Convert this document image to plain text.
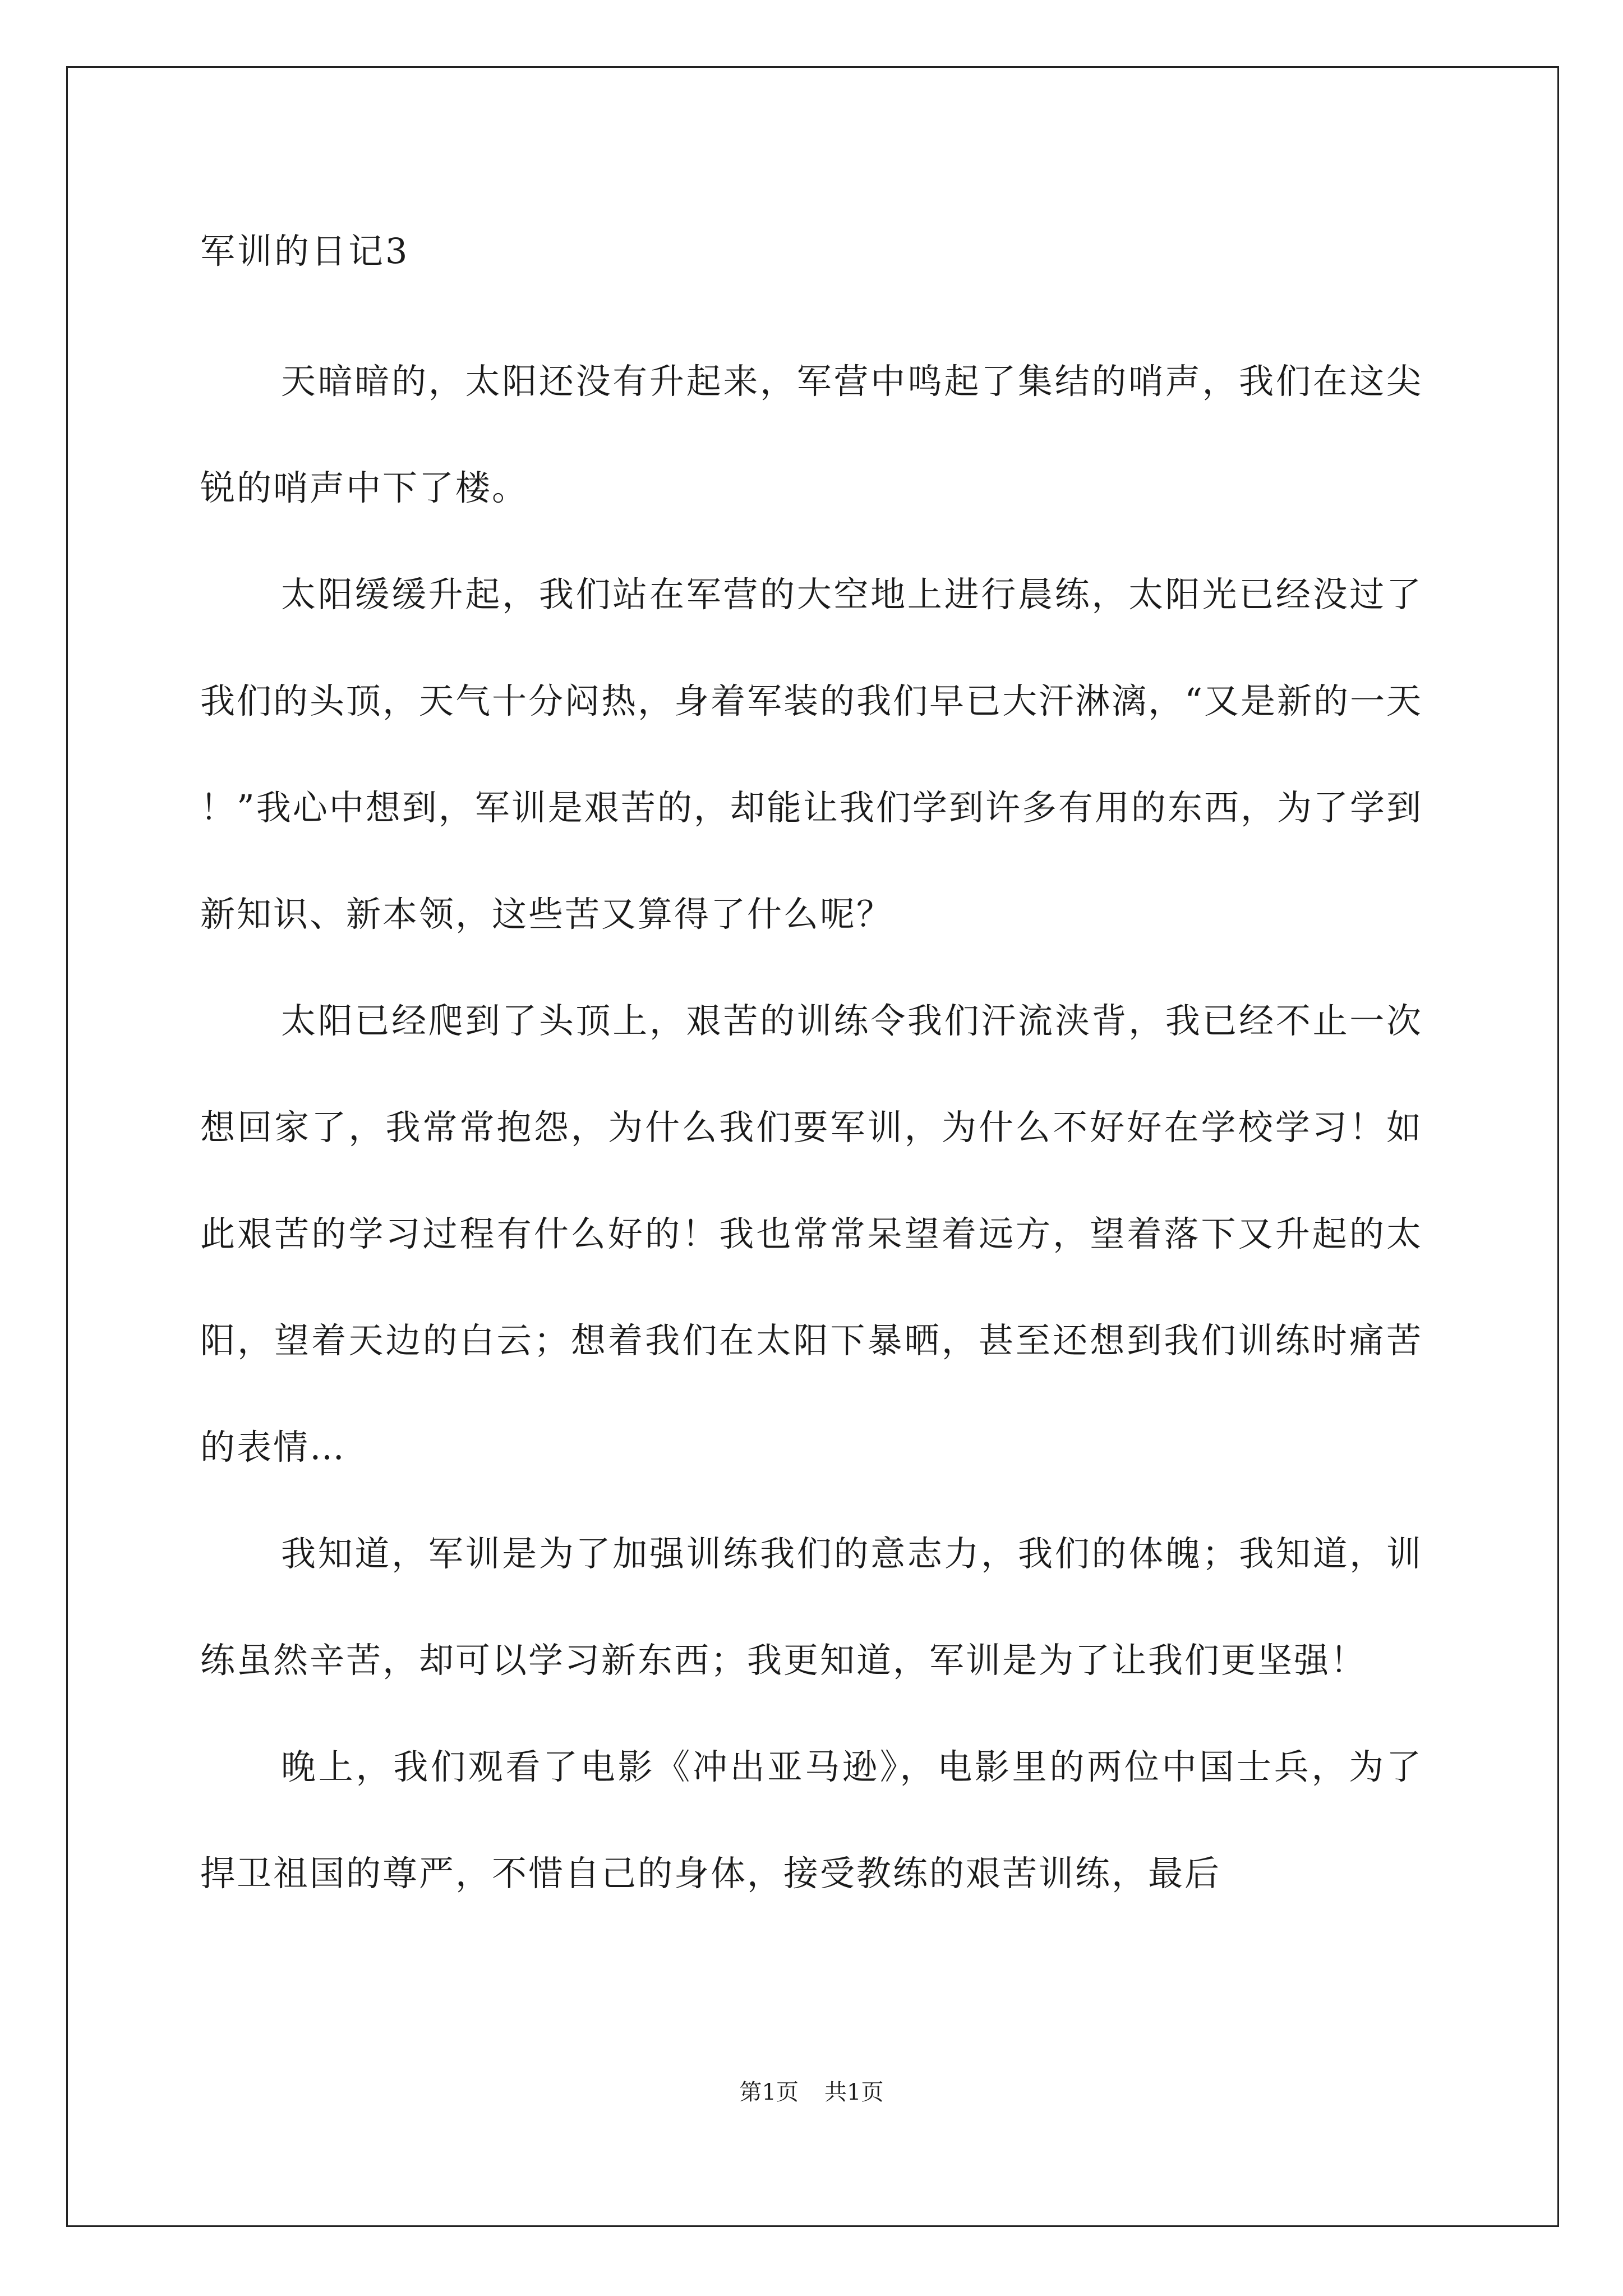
军训的日记3

天暗暗的，太阳还没有升起来，军营中鸣起了集结的哨声，我们在这尖锐的哨声中下了楼。

太阳缓缓升起，我们站在军营的大空地上进行晨练，太阳光已经没过了我们的头顶，天气十分闷热，身着军装的我们早已大汗淋漓，“又是新的一天！”我心中想到，军训是艰苦的，却能让我们学到许多有用的东西，为了学到新知识、新本领，这些苦又算得了什么呢？

太阳已经爬到了头顶上，艰苦的训练令我们汗流浃背，我已经不止一次想回家了，我常常抱怨，为什么我们要军训，为什么不好好在学校学习！如此艰苦的学习过程有什么好的！我也常常呆望着远方，望着落下又升起的太阳，望着天边的白云；想着我们在太阳下暴晒，甚至还想到我们训练时痛苦的表情…

我知道，军训是为了加强训练我们的意志力，我们的体魄；我知道，训练虽然辛苦，却可以学习新东西；我更知道，军训是为了让我们更坚强！

晚上，我们观看了电影《冲出亚马逊》，电影里的两位中国士兵，为了捍卫祖国的尊严，不惜自己的身体，接受教练的艰苦训练，最后

第1页 共1页
